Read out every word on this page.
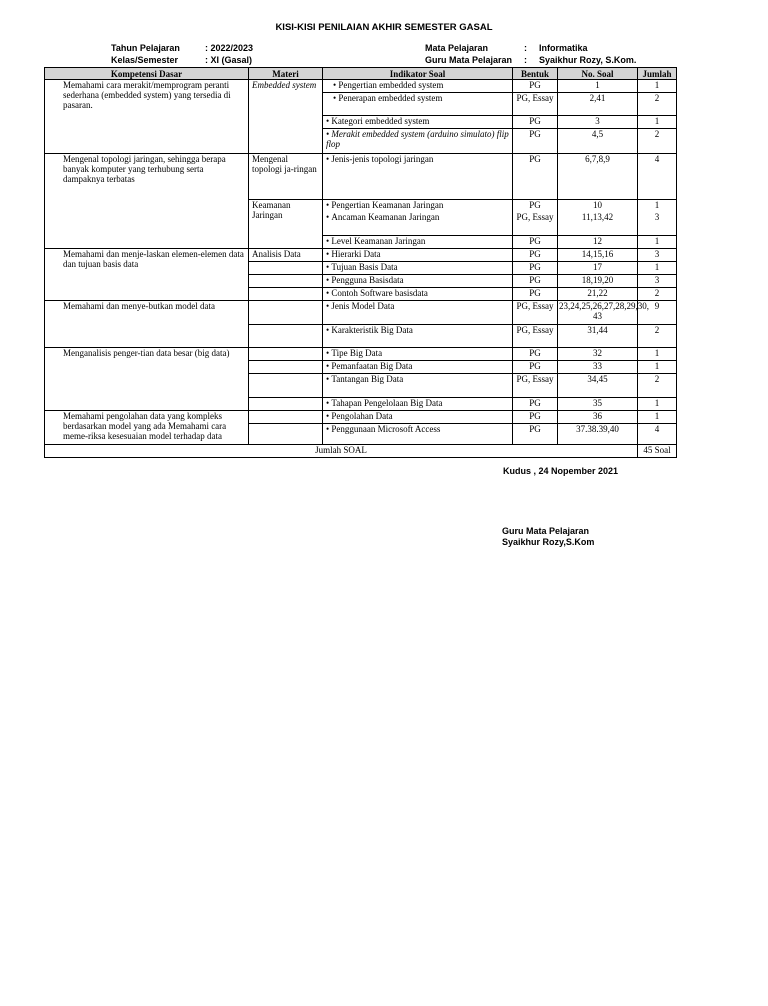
KISI-KISI PENILAIAN AKHIR SEMESTER GASAL
Tahun Pelajaran	: 2022/2023
Kelas/Semester	: XI (Gasal)
Mata Pelajaran	: Informatika
Guru Mata Pelajaran : Syaikhur Rozy, S.Kom.
Kompetensi Dasar	Materi	Indikator Soal	Bentuk	No. Soal	Jumlah
Memahami cara merakit/memprogram peranti sederhana (embedded system) yang tersedia di pasaran.	Embedded system	•Pengertian embedded system	PG	1	1
• Penerapan embedded system	PG, Essay	2,41	2
• Kategori embedded system	PG	3	1
• Merakit embedded system (arduino simulato) flip flop	PG	4,5	2
Mengenal topologi jaringan, sehingga berapa banyak komputer yang terhubung serta dampaknya terbatas	Mengenal topologi ja-ringan	• Jenis-jenis topologi jaringan	PG	6,7,8,9	4
	Keamanan Jaringan	• Pengertian Keamanan Jaringan	PG	10	1
• Ancaman Keamanan Jaringan	PG, Essay	11,13,42	3
• Level Keamanan Jaringan	PG	12	1
Memahami dan menje-laskan elemen-elemen data dan tujuan basis data	Analisis Data	•Hierarki Data	PG	14,15,16	3
	• Tujuan Basis Data	PG	17	1
	• Pengguna Basisdata	PG	18,19,20	3
	• Contoh Software basisdata	PG	21,22	2
Memahami dan menye-butkan model data		•Jenis Model Data	PG, Essay	23,24,25,26,27,28,29,30, 43	9
	• Karakteristik Big Data	PG, Essay	31,44	2
Menganalisis penger-tian data besar (big data)		•Tipe Big Data	PG	32	1
	• Pemanfaatan Big Data	PG	33	1
	• Tantangan Big Data	PG, Essay	34,45	2
	• Tahapan Pengelolaan Big Data	PG	35	1
Memahami pengolahan data yang kompleks berdasarkan model yang ada Memahami cara meme-riksa kesesuaian model terhadap data		• Pengolahan Data	PG	36	1
	• Penggunaan Microsoft Access	PG	37.38.39,40	4
Jumlah SOAL					45 Soal
Kudus , 24 Nopember 2021
Guru Mata Pelajaran
Syaikhur Rozy,S.Kom
